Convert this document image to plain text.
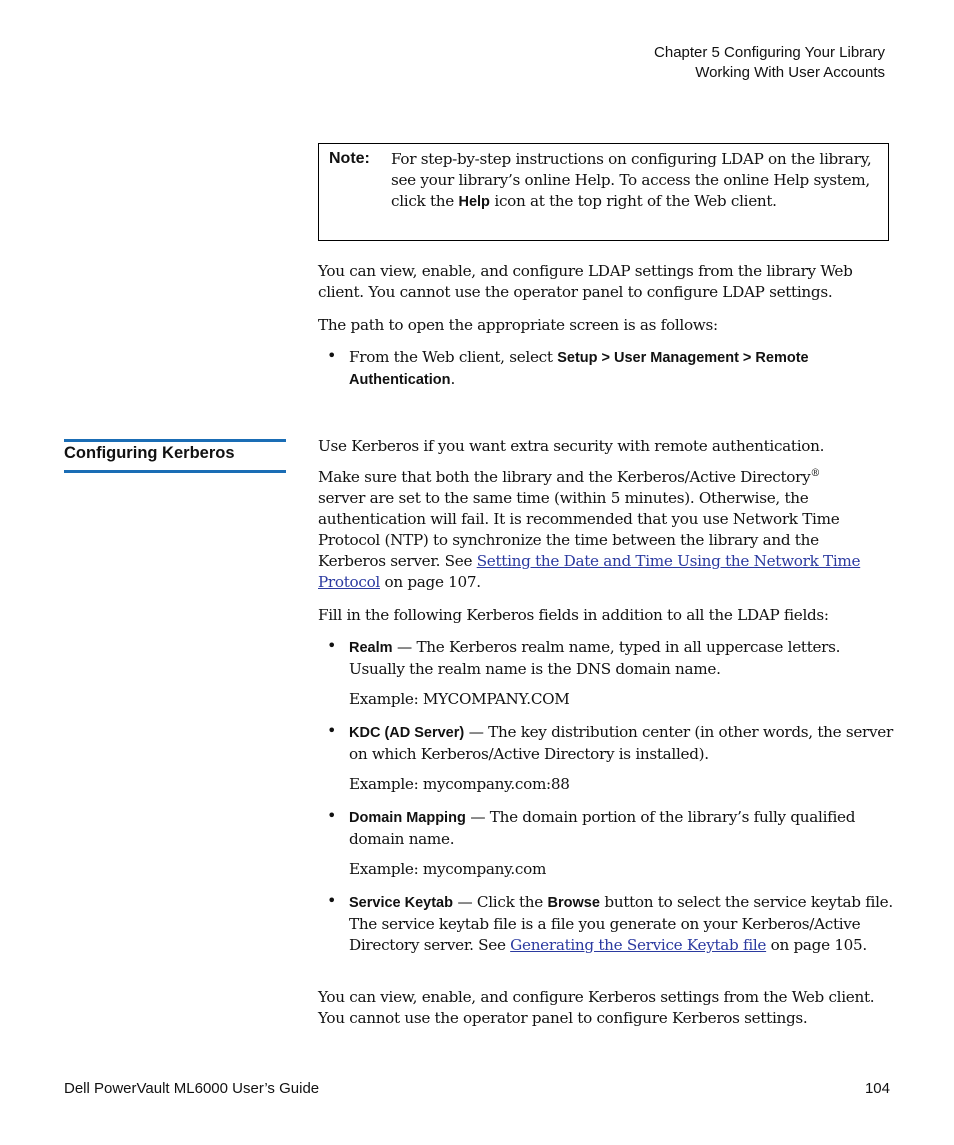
Chapter 5 Configuring Your Library
Working With User Accounts
Note: For step-by-step instructions on configuring LDAP on the library, see your library’s online Help. To access the online Help system, click the Help icon at the top right of the Web client.
You can view, enable, and configure LDAP settings from the library Web client. You cannot use the operator panel to configure LDAP settings.
The path to open the appropriate screen is as follows:
• From the Web client, select Setup > User Management > Remote
Authentication.
Configuring Kerberos	Use Kerberos if you want extra security with remote authentication.
Make sure that both the library and the Kerberos/Active Directory®
server are set to the same time (within 5 minutes). Otherwise, the authentication will fail. It is recommended that you use Network Time Protocol (NTP) to synchronize the time between the library and the Kerberos server. See Setting the Date and Time Using the Network Time Protocol on page 107.
Fill in the following Kerberos fields in addition to all the LDAP fields:
• Realm — The Kerberos realm name, typed in all uppercase letters. Usually the realm name is the DNS domain name.
Example: MYCOMPANY.COM
• KDC (AD Server) — The key distribution center (in other words, the server on which Kerberos/Active Directory is installed).
Example: mycompany.com:88
• Domain Mapping — The domain portion of the library’s fully qualified domain name.
Example: mycompany.com
• Service Keytab — Click the Browse button to select the service keytab file. The service keytab file is a file you generate on your Kerberos/Active Directory server. See Generating the Service Keytab file on page 105.
You can view, enable, and configure Kerberos settings from the Web client. You cannot use the operator panel to configure Kerberos settings.
Dell PowerVault ML6000 User’s Guide	104
